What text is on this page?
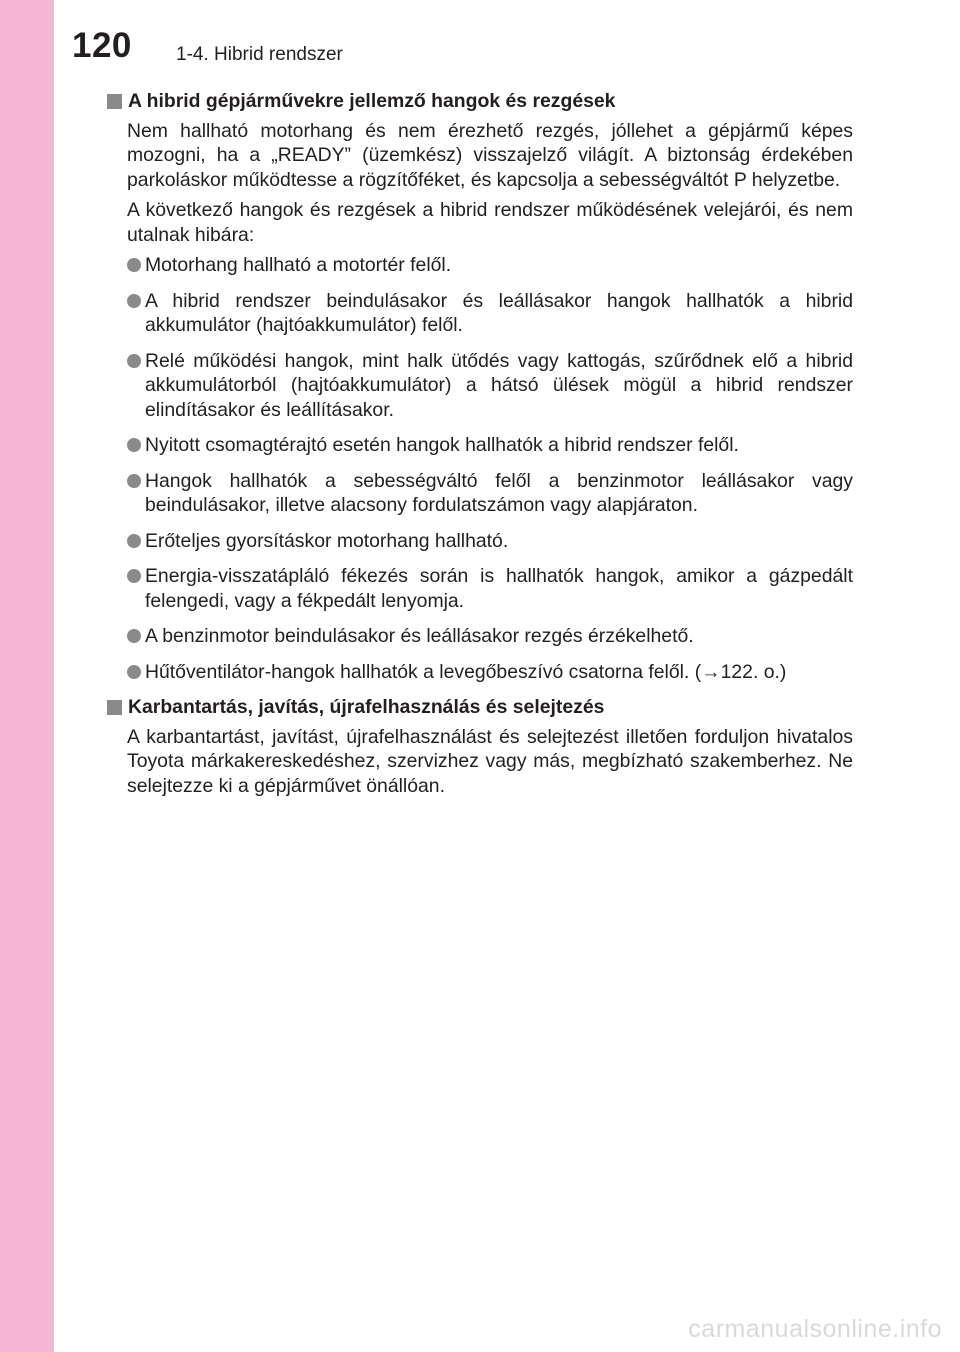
120 1-4. Hibrid rendszer

A hibrid gépjárművekre jellemző hangok és rezgések

Nem hallható motorhang és nem érezhető rezgés, jóllehet a gépjármű képes mozogni, ha a „READY” (üzemkész) visszajelző világít. A biztonság érdekében parkoláskor működtesse a rögzítőféket, és kapcsolja a sebességváltót P helyzetbe.

A következő hangok és rezgések a hibrid rendszer működésének velejárói, és nem utalnak hibára:

Motorhang hallható a motortér felől.
A hibrid rendszer beindulásakor és leállásakor hangok hallhatók a hibrid akkumulátor (hajtóakkumulátor) felől.
Relé működési hangok, mint halk ütődés vagy kattogás, szűrődnek elő a hibrid akkumulátorból (hajtóakkumulátor) a hátsó ülések mögül a hibrid rendszer elindításakor és leállításakor.
Nyitott csomagtérajtó esetén hangok hallhatók a hibrid rendszer felől.
Hangok hallhatók a sebességváltó felől a benzinmotor leállásakor vagy beindulásakor, illetve alacsony fordulatszámon vagy alapjáraton.
Erőteljes gyorsításkor motorhang hallható.
Energia-visszatápláló fékezés során is hallhatók hangok, amikor a gázpedált felengedi, vagy a fékpedált lenyomja.
A benzinmotor beindulásakor és leállásakor rezgés érzékelhető.
Hűtőventilátor-hangok hallhatók a levegőbeszívó csatorna felől. (→122. o.)

Karbantartás, javítás, újrafelhasználás és selejtezés

A karbantartást, javítást, újrafelhasználást és selejtezést illetően forduljon hivatalos Toyota márkakereskedéshez, szervizhez vagy más, megbízható szakemberhez. Ne selejtezze ki a gépjárművet önállóan.

carmanualsonline.info
